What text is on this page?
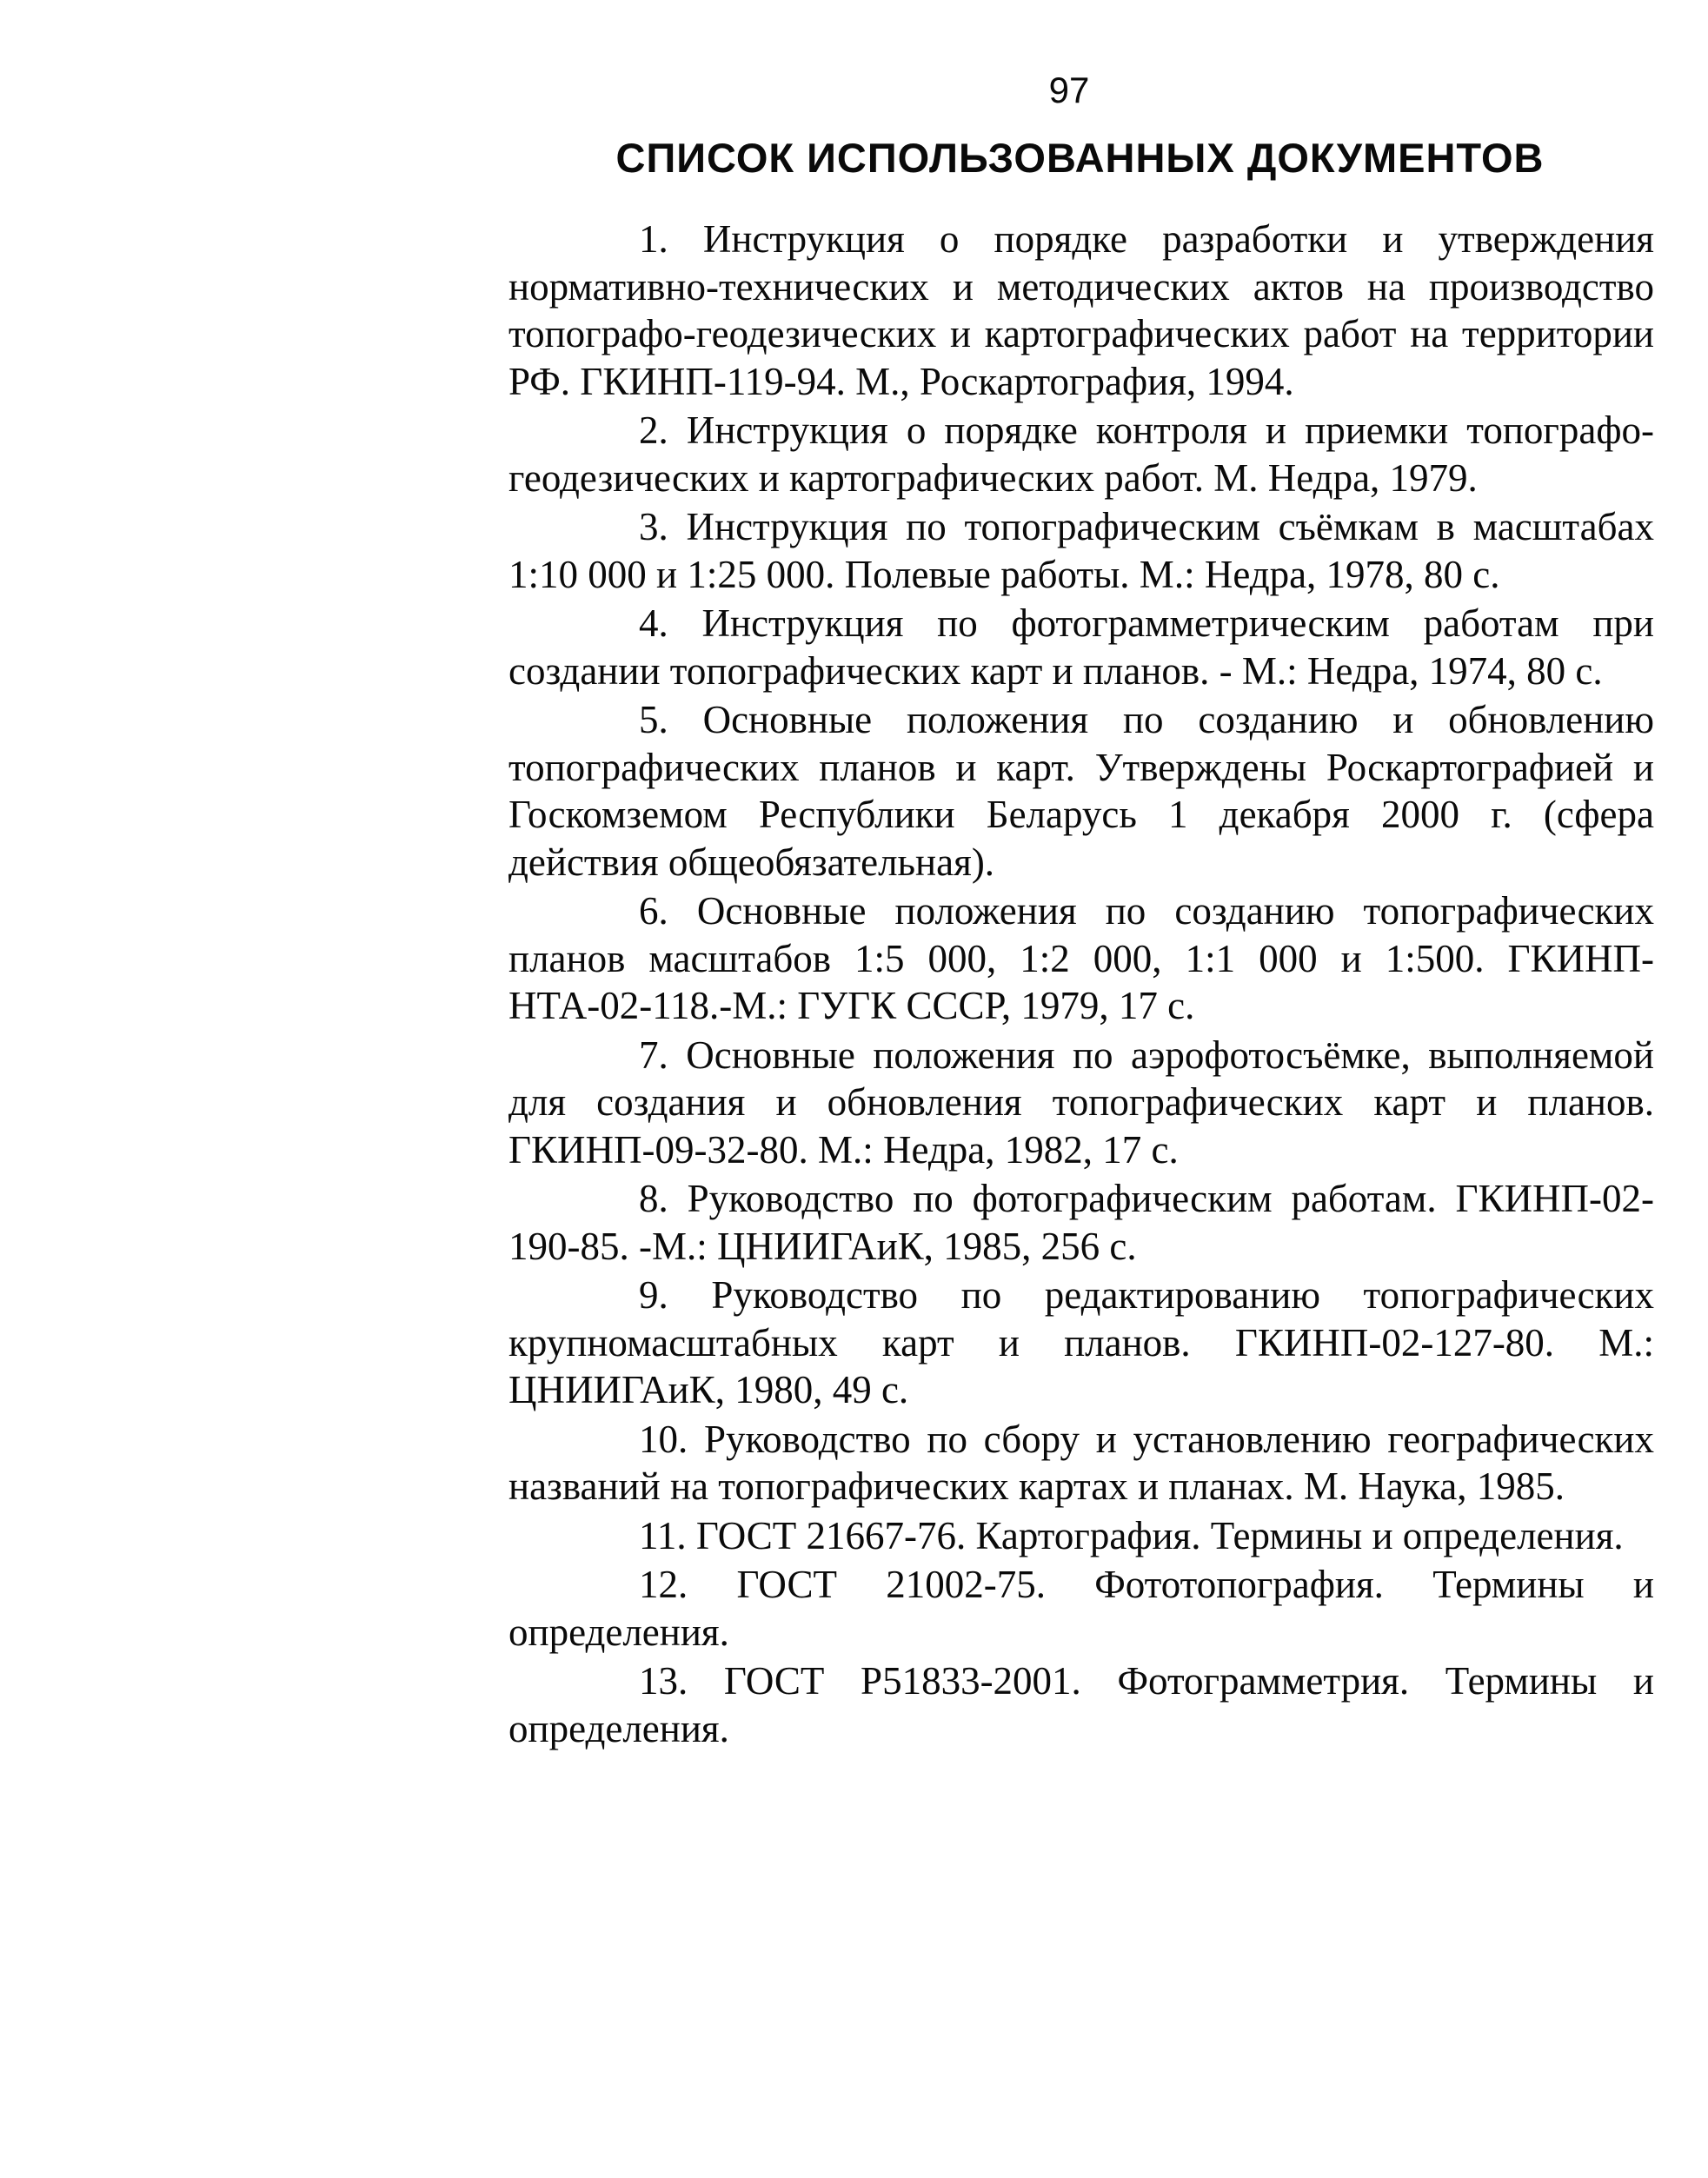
97
СПИСОК ИСПОЛЬЗОВАННЫХ ДОКУМЕНТОВ
1. Инструкция о порядке разработки и утверждения нормативно-технических и методических актов на производство топографо-геодезических и картографических работ на территории РФ. ГКИНП-119-94. М., Роскартография, 1994.
2. Инструкция о порядке контроля и приемки топографо-геодезических и картографических работ. М. Недра, 1979.
3. Инструкция по топографическим съёмкам в масштабах 1:10 000 и 1:25 000. Полевые работы. М.: Недра, 1978, 80 с.
4. Инструкция по фотограмметрическим работам при создании топографических карт и планов. - М.: Недра, 1974, 80 с.
5. Основные положения по созданию и обновлению топографических планов и карт. Утверждены Роскартографией и Госкомземом Республики Беларусь 1 декабря 2000 г. (сфера действия общеобязательная).
6. Основные положения по созданию топографических планов масштабов 1:5 000, 1:2 000, 1:1 000 и 1:500. ГКИНП-НТА-02-118.-М.: ГУГК СССР, 1979, 17 с.
7. Основные положения по аэрофотосъёмке, выполняемой для создания и обновления топографических карт и планов. ГКИНП-09-32-80. М.: Недра, 1982, 17 с.
8. Руководство по фотографическим работам. ГКИНП-02-190-85. -М.: ЦНИИГАиК, 1985, 256 с.
9. Руководство по редактированию топографических крупномасштабных карт и планов. ГКИНП-02-127-80. М.: ЦНИИГАиК, 1980, 49 с.
10. Руководство по сбору и установлению географических названий на топографических картах и планах. М. Наука, 1985.
11. ГОСТ 21667-76. Картография. Термины и определения.
12. ГОСТ 21002-75. Фототопография. Термины и определения.
13. ГОСТ Р51833-2001. Фотограмметрия. Термины и определения.
